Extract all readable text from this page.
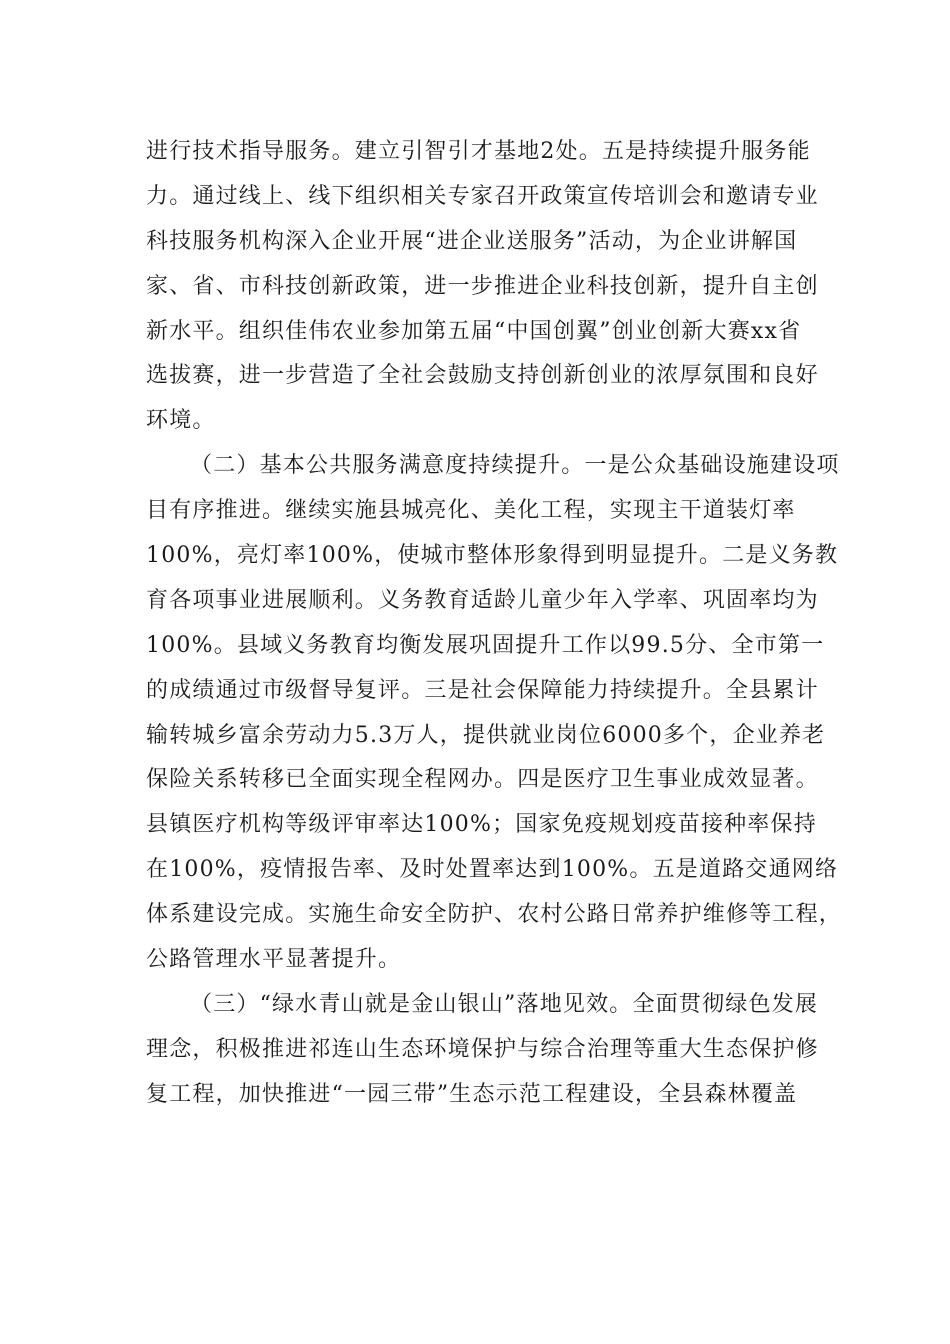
进行技术指导服务。建立引智引才基地2处。五是持续提升服务能
力。通过线上、线下组织相关专家召开政策宣传培训会和邀请专业
科技服务机构深入企业开展“进企业送服务”活动，为企业讲解国
家、省、市科技创新政策，进一步推进企业科技创新，提升自主创
新水平。组织佳伟农业参加第五届“中国创翼”创业创新大赛xx省
选拔赛，进一步营造了全社会鼓励支持创新创业的浓厚氛围和良好
环境。
（二）基本公共服务满意度持续提升。一是公众基础设施建设项
目有序推进。继续实施县城亮化、美化工程，实现主干道装灯率
100%，亮灯率100%，使城市整体形象得到明显提升。二是义务教
育各项事业进展顺利。义务教育适龄儿童少年入学率、巩固率均为
100%。县域义务教育均衡发展巩固提升工作以99.5分、全市第一
的成绩通过市级督导复评。三是社会保障能力持续提升。全县累计
输转城乡富余劳动力5.3万人，提供就业岗位6000多个，企业养老
保险关系转移已全面实现全程网办。四是医疗卫生事业成效显著。
县镇医疗机构等级评审率达100%；国家免疫规划疫苗接种率保持
在100%，疫情报告率、及时处置率达到100%。五是道路交通网络
体系建设完成。实施生命安全防护、农村公路日常养护维修等工程，
公路管理水平显著提升。
（三）“绿水青山就是金山银山”落地见效。全面贯彻绿色发展
理念，积极推进祁连山生态环境保护与综合治理等重大生态保护修
复工程，加快推进“一园三带”生态示范工程建设，全县森林覆盖
